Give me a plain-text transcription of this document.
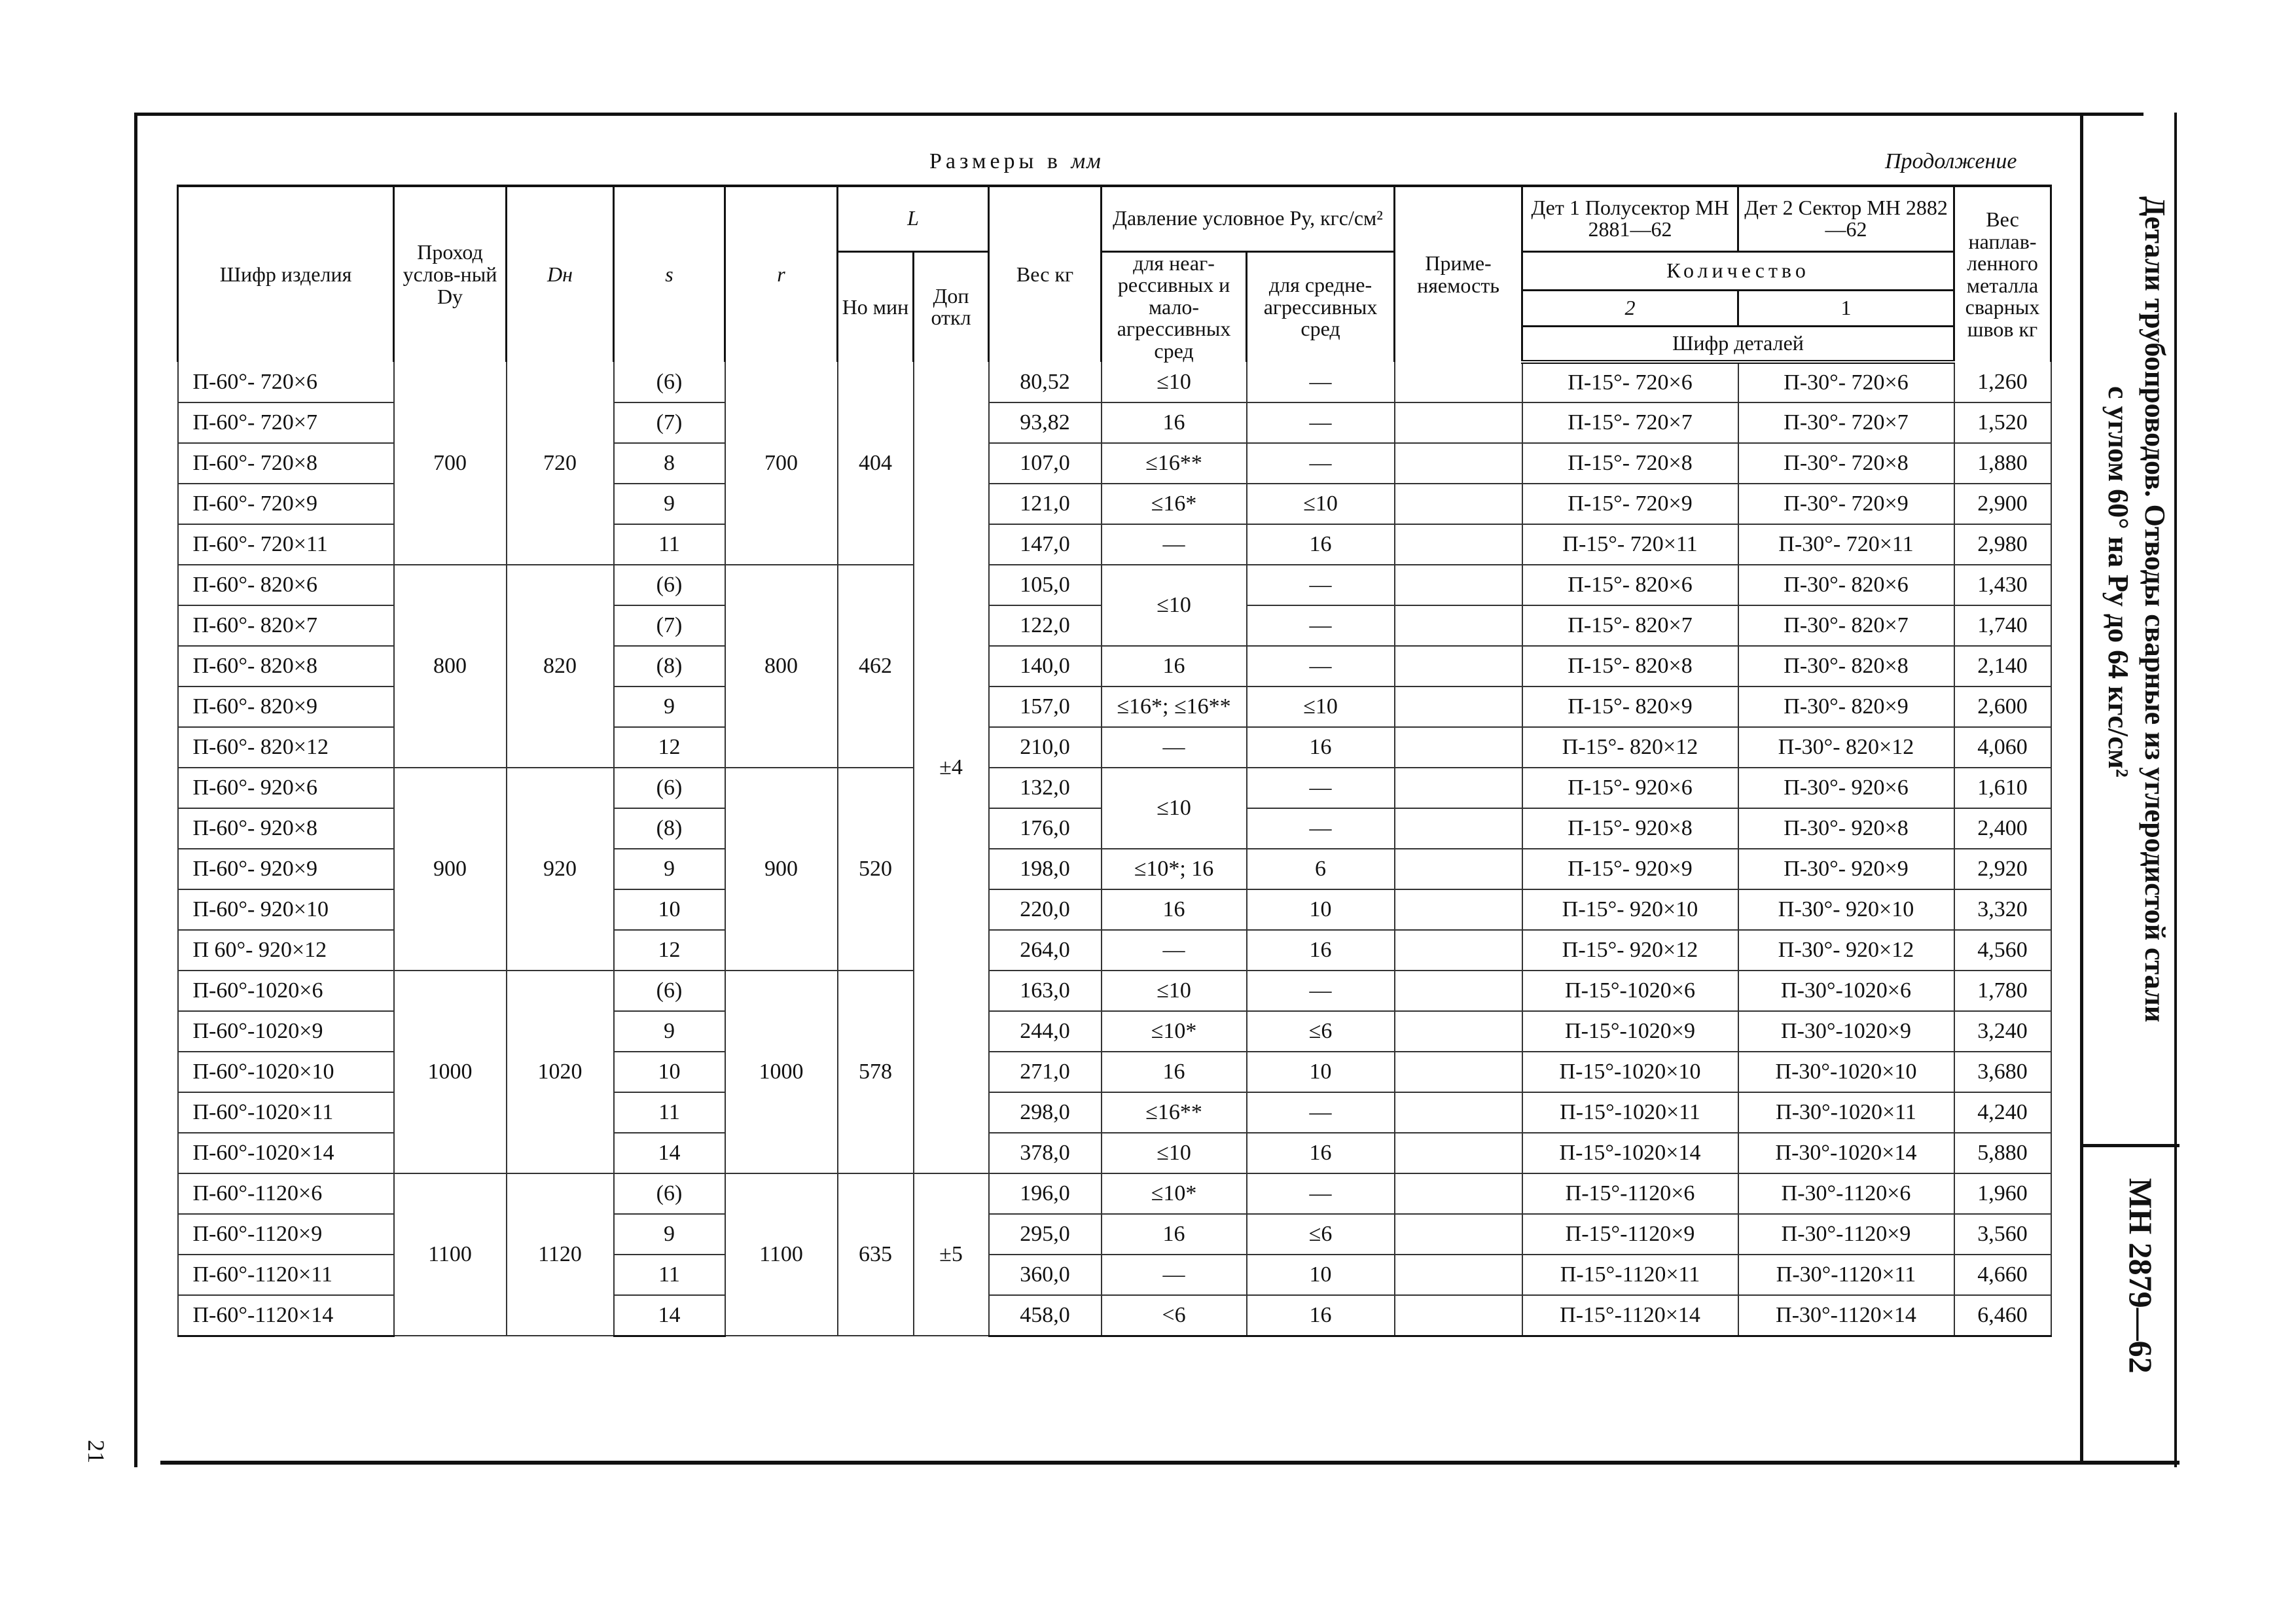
Размеры в мм	Продолжение
Шифр изделия	Проход услов-ный Dу	Dн	s	r	L		Вес кг	Давление условное Pу, кгс/см²		Приме-няемость	Дет 1 Полусектор МН 2881—62	Дет 2 Сектор МН 2882—62	Вес наплав-ленного металла сварных швов кг
					Но мин	Доп откл		для неаг-рессивных и мало-агрессивных сред	для средне-агрессивных сред		Количество		
											2	1	
											Шифр деталей		
П-60°- 720×6	700	720	(6)	700	404	±4	80,52	≤10	—		П-15°- 720×6	П-30°- 720×6	1,260
П-60°- 720×7			(7)				93,82	16	—		П-15°- 720×7	П-30°- 720×7	1,520
П-60°- 720×8			8				107,0	≤16**	—		П-15°- 720×8	П-30°- 720×8	1,880
П-60°- 720×9			9				121,0	≤16*	≤10		П-15°- 720×9	П-30°- 720×9	2,900
П-60°- 720×11			11				147,0	—	16		П-15°- 720×11	П-30°- 720×11	2,980
П-60°- 820×6	800	820	(6)	800	462		105,0	≤10	—		П-15°- 820×6	П-30°- 820×6	1,430
П-60°- 820×7			(7)				122,0		—		П-15°- 820×7	П-30°- 820×7	1,740
П-60°- 820×8			(8)				140,0	16	—		П-15°- 820×8	П-30°- 820×8	2,140
П-60°- 820×9			9				157,0	≤16*; ≤16**	≤10		П-15°- 820×9	П-30°- 820×9	2,600
П-60°- 820×12			12				210,0	—	16		П-15°- 820×12	П-30°- 820×12	4,060
П-60°- 920×6	900	920	(6)	900	520		132,0	≤10	—		П-15°- 920×6	П-30°- 920×6	1,610
П-60°- 920×8			(8)				176,0		—		П-15°- 920×8	П-30°- 920×8	2,400
П-60°- 920×9			9				198,0	≤10*; 16	6		П-15°- 920×9	П-30°- 920×9	2,920
П-60°- 920×10			10				220,0	16	10		П-15°- 920×10	П-30°- 920×10	3,320
П 60°- 920×12			12				264,0	—	16		П-15°- 920×12	П-30°- 920×12	4,560
П-60°-1020×6	1000	1020	(6)	1000	578		163,0	≤10	—		П-15°-1020×6	П-30°-1020×6	1,780
П-60°-1020×9			9				244,0	≤10*	≤6		П-15°-1020×9	П-30°-1020×9	3,240
П-60°-1020×10			10				271,0	16	10		П-15°-1020×10	П-30°-1020×10	3,680
П-60°-1020×11			11				298,0	≤16**	—		П-15°-1020×11	П-30°-1020×11	4,240
П-60°-1020×14			14				378,0	≤10	16		П-15°-1020×14	П-30°-1020×14	5,880
П-60°-1120×6	1100	1120	(6)	1100	635	±5	196,0	≤10*	—		П-15°-1120×6	П-30°-1120×6	1,960
П-60°-1120×9			9				295,0	16	≤6		П-15°-1120×9	П-30°-1120×9	3,560
П-60°-1120×11			11				360,0	—	10		П-15°-1120×11	П-30°-1120×11	4,660
П-60°-1120×14			14				458,0	<6	16		П-15°-1120×14	П-30°-1120×14	6,460
Детали трубопроводов. Отводы сварные из углеродистой стали
с углом 60° на Pу до 64 кгс/см²
МН 2879—62
21
